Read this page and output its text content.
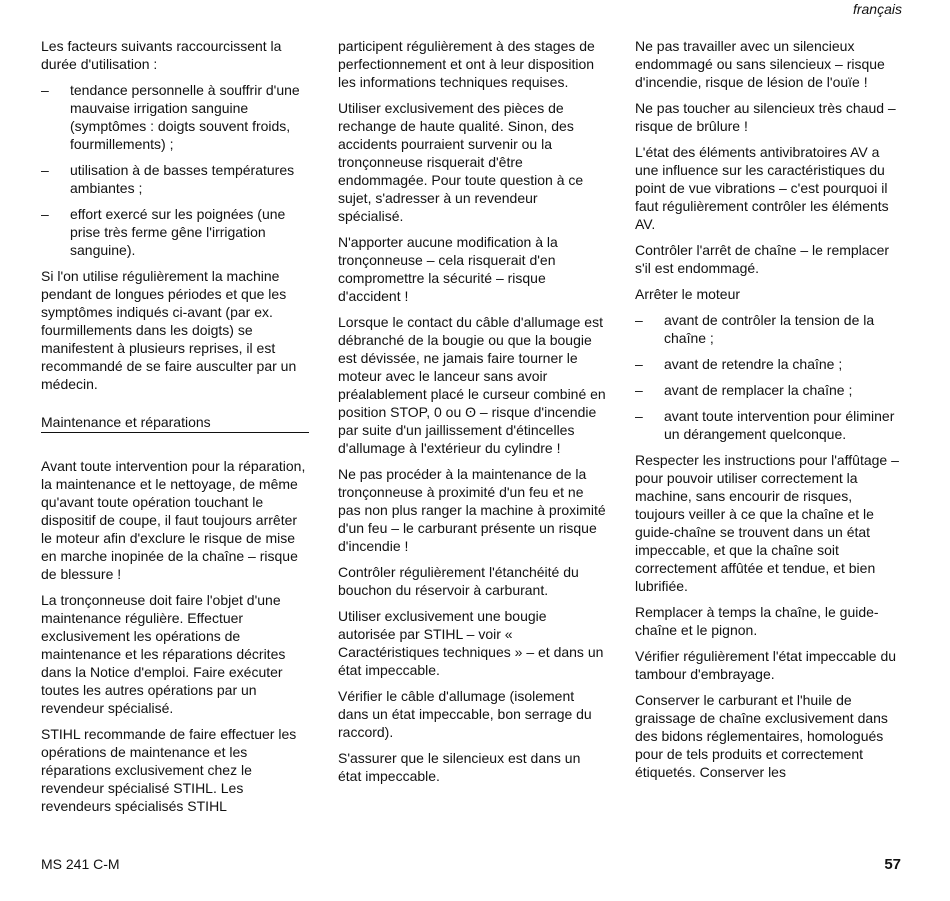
français

Les facteurs suivants raccourcissent la durée d'utilisation :

– tendance personnelle à souffrir d'une mauvaise irrigation sanguine (symptômes : doigts souvent froids, fourmillements) ;
– utilisation à de basses températures ambiantes ;
– effort exercé sur les poignées (une prise très ferme gêne l'irrigation sanguine).

Si l'on utilise régulièrement la machine pendant de longues périodes et que les symptômes indiqués ci-avant (par ex. fourmillements dans les doigts) se manifestent à plusieurs reprises, il est recommandé de se faire ausculter par un médecin.

Maintenance et réparations

Avant toute intervention pour la réparation, la maintenance et le nettoyage, de même qu'avant toute opération touchant le dispositif de coupe, il faut toujours arrêter le moteur afin d'exclure le risque de mise en marche inopinée de la chaîne – risque de blessure !

La tronçonneuse doit faire l'objet d'une maintenance régulière. Effectuer exclusivement les opérations de maintenance et les réparations décrites dans la Notice d'emploi. Faire exécuter toutes les autres opérations par un revendeur spécialisé.

STIHL recommande de faire effectuer les opérations de maintenance et les réparations exclusivement chez le revendeur spécialisé STIHL. Les revendeurs spécialisés STIHL

participent régulièrement à des stages de perfectionnement et ont à leur disposition les informations techniques requises.

Utiliser exclusivement des pièces de rechange de haute qualité. Sinon, des accidents pourraient survenir ou la tronçonneuse risquerait d'être endommagée. Pour toute question à ce sujet, s'adresser à un revendeur spécialisé.

N'apporter aucune modification à la tronçonneuse – cela risquerait d'en compromettre la sécurité – risque d'accident !

Lorsque le contact du câble d'allumage est débranché de la bougie ou que la bougie est dévissée, ne jamais faire tourner le moteur avec le lanceur sans avoir préalablement placé le curseur combiné en position STOP, 0 ou ʘ – risque d'incendie par suite d'un jaillissement d'étincelles d'allumage à l'extérieur du cylindre !

Ne pas procéder à la maintenance de la tronçonneuse à proximité d'un feu et ne pas non plus ranger la machine à proximité d'un feu – le carburant présente un risque d'incendie !

Contrôler régulièrement l'étanchéité du bouchon du réservoir à carburant.

Utiliser exclusivement une bougie autorisée par STIHL – voir « Caractéristiques techniques » – et dans un état impeccable.

Vérifier le câble d'allumage (isolement dans un état impeccable, bon serrage du raccord).

S'assurer que le silencieux est dans un état impeccable.

Ne pas travailler avec un silencieux endommagé ou sans silencieux – risque d'incendie, risque de lésion de l'ouïe !

Ne pas toucher au silencieux très chaud – risque de brûlure !

L'état des éléments antivibratoires AV a une influence sur les caractéristiques du point de vue vibrations – c'est pourquoi il faut régulièrement contrôler les éléments AV.

Contrôler l'arrêt de chaîne – le remplacer s'il est endommagé.

Arrêter le moteur

– avant de contrôler la tension de la chaîne ;
– avant de retendre la chaîne ;
– avant de remplacer la chaîne ;
– avant toute intervention pour éliminer un dérangement quelconque.

Respecter les instructions pour l'affûtage – pour pouvoir utiliser correctement la machine, sans encourir de risques, toujours veiller à ce que la chaîne et le guide-chaîne se trouvent dans un état impeccable, et que la chaîne soit correctement affûtée et tendue, et bien lubrifiée.

Remplacer à temps la chaîne, le guide-chaîne et le pignon.

Vérifier régulièrement l'état impeccable du tambour d'embrayage.

Conserver le carburant et l'huile de graissage de chaîne exclusivement dans des bidons réglementaires, homologués pour de tels produits et correctement étiquetés. Conserver les

MS 241 C-M	57
